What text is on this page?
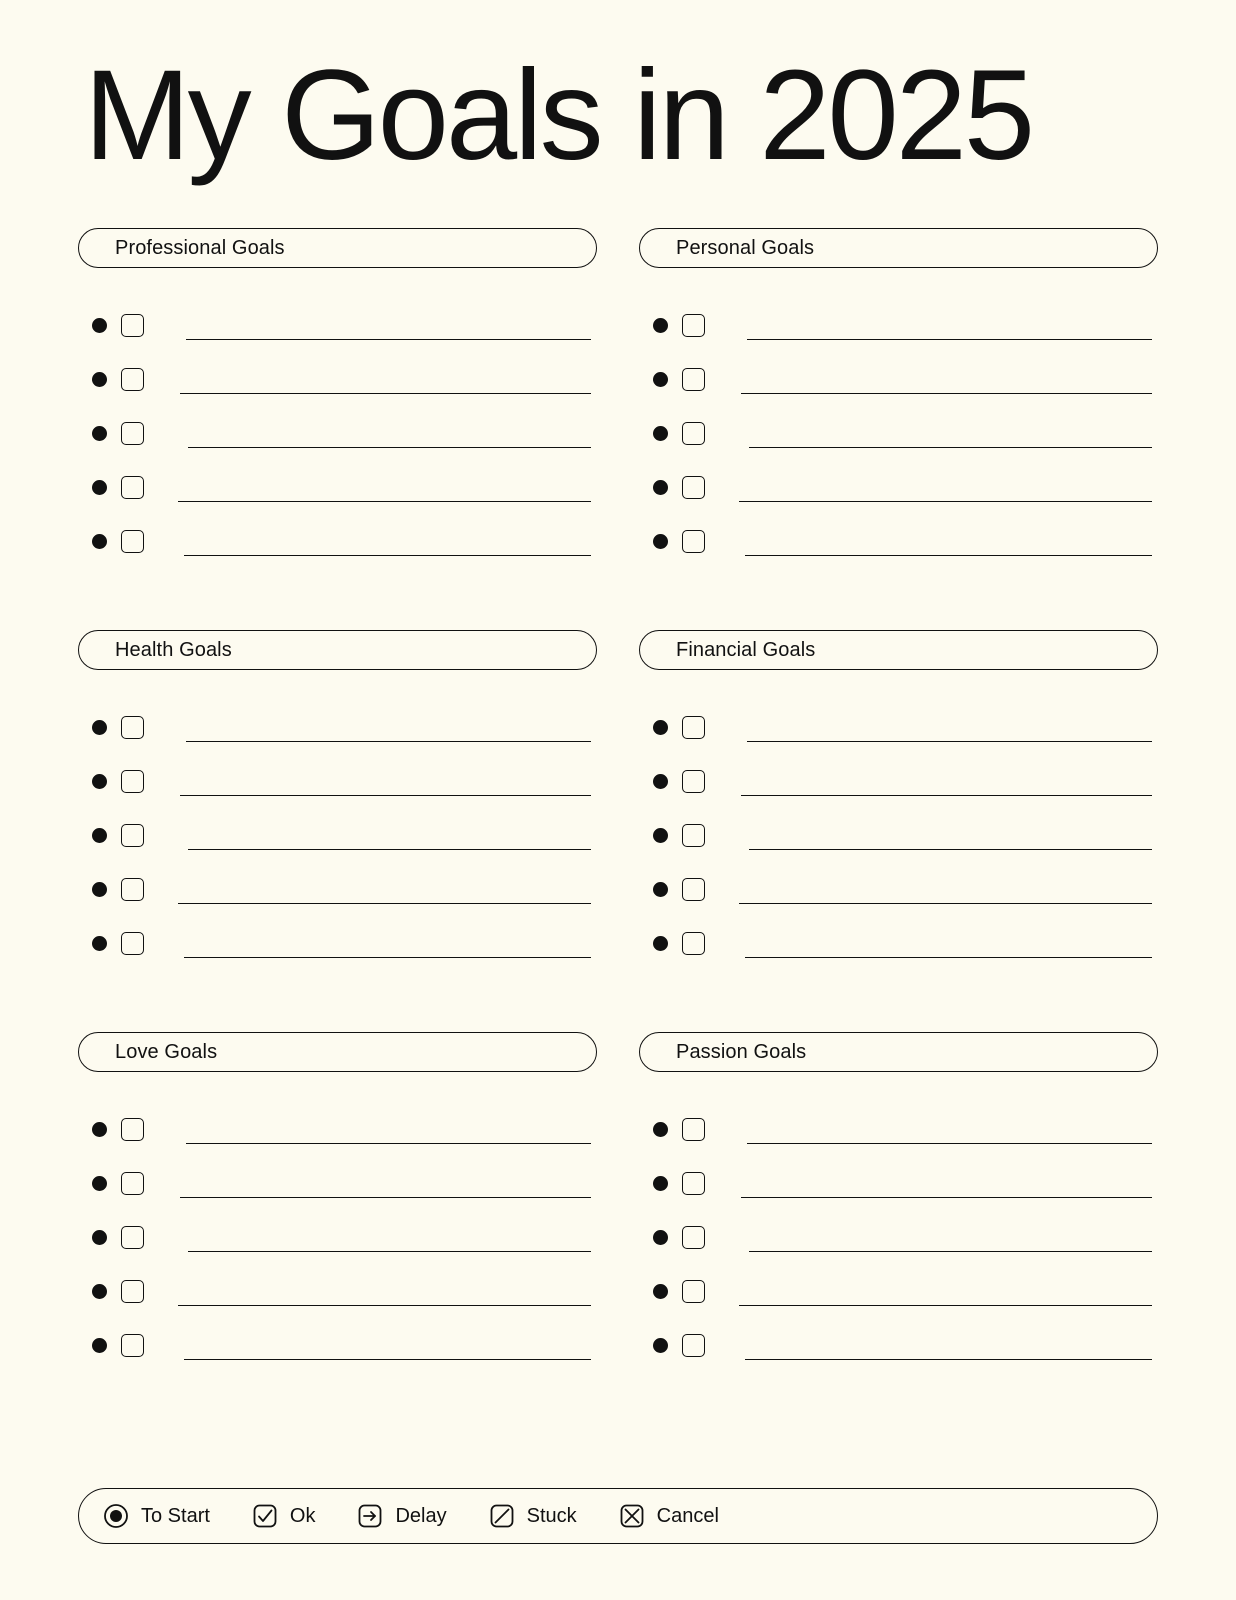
My Goals in 2025
Professional Goals
Health Goals
Love Goals
Personal Goals
Financial Goals
Passion Goals
To Start	Ok	Delay	Stuck	Cancel
